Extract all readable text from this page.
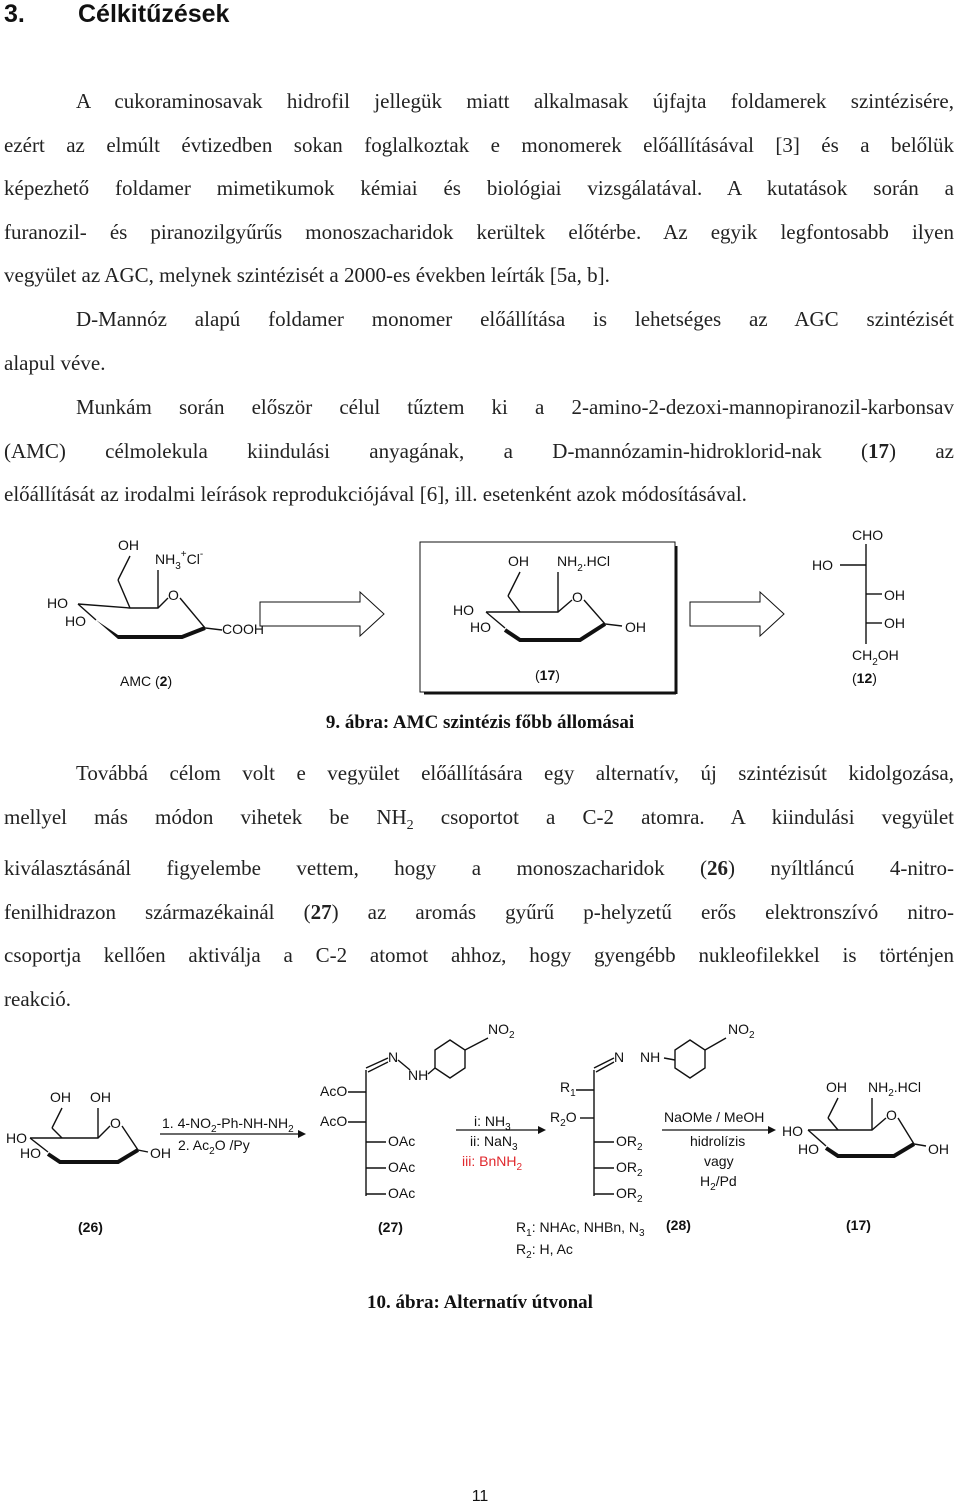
3. Célkitűzések
A cukoraminosavak hidrofil jellegük miatt alkalmasak újfajta foldamerek szintézisére,
ezért az elmúlt évtizedben sokan foglalkoztak e monomerek előállításával [3] és a belőlük
képezhető foldamer mimetikumok kémiai és biológiai vizsgálatával. A kutatások során a
furanozil- és piranozilgyűrűs monoszacharidok kerültek előtérbe. Az egyik legfontosabb ilyen
vegyület az AGC, melynek szintézisét a 2000-es években leírták [5a, b].
D-Mannóz alapú foldamer monomer előállítása is lehetséges az AGC szintézisét
alapul véve.
Munkám során először célul tűztem ki a 2-amino-2-dezoxi-mannopiranozil-karbonsav
(AMC) célmolekula kiindulási anyagának, a D-mannózamin-hidroklorid-nak (17) az
előállítását az irodalmi leírások reprodukciójával [6], ill. esetenként azok módosításával.
OH
$NH_3^+Cl^-$
HO
HO
O
COOH
AMC (2)
OH $NH_2.HCl$
HO
HO
O
OH
(17)
CHO
HO
OH
OH
$CH_2OH$
(12)

9. ábra: AMC szintézis főbb állomásai

Továbbá célom volt e vegyület előállítására egy alternatív, új szintézisút kidolgozása,
mellyel más módon vihetek be $NH_2$ csoportot a C-2 atomra. A kiindulási vegyület
kiválasztásánál figyelembe vettem, hogy a monoszacharidok (26) nyíltláncú 4-nitro-
fenilhidrazon származékainál (27) az aromás gyűrű p-helyzetű erős elektronszívó nitro-
csoportja kellően aktiválja a C-2 atomot ahhoz, hogy gyengébb nukleofilekkel is történjen
reakció.
OH OH
HO
HO
O
OH
(26)
1. $4-NO_2-Ph-NH-NH_2$
2. $Ac_2O$ /Py
$NO_2$
N
NH
AcO
AcO
OAc
OAc
OAc
(27)
i: $NH_3$
ii: NaN$_3$
iii: BnNH$_2$
$NO_2$
N NH
$R_1$
$R_2O$
$OR_2$
$OR_2$
$OR_2$
(28)
$R_1$: NHAc, NHBn, $N_3$
$R_2$: H, Ac
NaOMe / MeOH
hidrolízis
vagy
$H_2/Pd$
OH $NH_2.HCl$
HO
HO
O
OH
(17)

10. ábra: Alternatív útvonal

11
